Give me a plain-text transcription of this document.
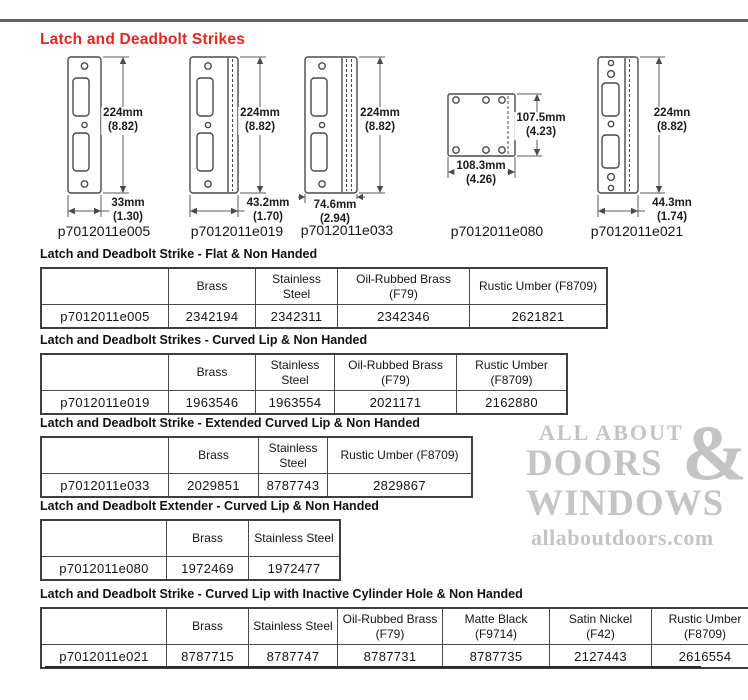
Latch and Deadbolt Strikes
224mm
(8.82)
33mm
(1.30)
p7012011e005
224mm
(8.82)
43.2mm
(1.70)
p7012011e019
224mm
(8.82)
74.6mm
(2.94)
p7012011e033
107.5mm
(4.23)
108.3mm
(4.26)
p7012011e080
224mn
(8.82)
44.3mn
(1.74)
p7012011e021
Latch and Deadbolt Strike - Flat & Non Handed
	Brass	Stainless Steel	Oil-Rubbed Brass (F79)	Rustic Umber (F8709)
p7012011e005	2342194	2342311	2342346	2621821
Latch and Deadbolt Strikes - Curved Lip & Non Handed
	Brass	Stainless Steel	Oil-Rubbed Brass (F79)	Rustic Umber (F8709)
p7012011e019	1963546	1963554	2021171	2162880
Latch and Deadbolt Strike - Extended Curved Lip & Non Handed
	Brass	Stainless Steel	Rustic Umber (F8709)
p7012011e033	2029851	8787743	2829867
Latch and Deadbolt Extender - Curved Lip & Non Handed
	Brass	Stainless Steel
p7012011e080	1972469	1972477
Latch and Deadbolt Strike - Curved Lip with Inactive Cylinder Hole & Non Handed
	Brass	Stainless Steel	Oil-Rubbed Brass (F79)	Matte Black (F9714)	Satin Nickel (F42)	Rustic Umber (F8709)
p7012011e021	8787715	8787747	8787731	8787735	2127443	2616554
ALL ABOUT
&
DOORS
WINDOWS
allaboutdoors.com
